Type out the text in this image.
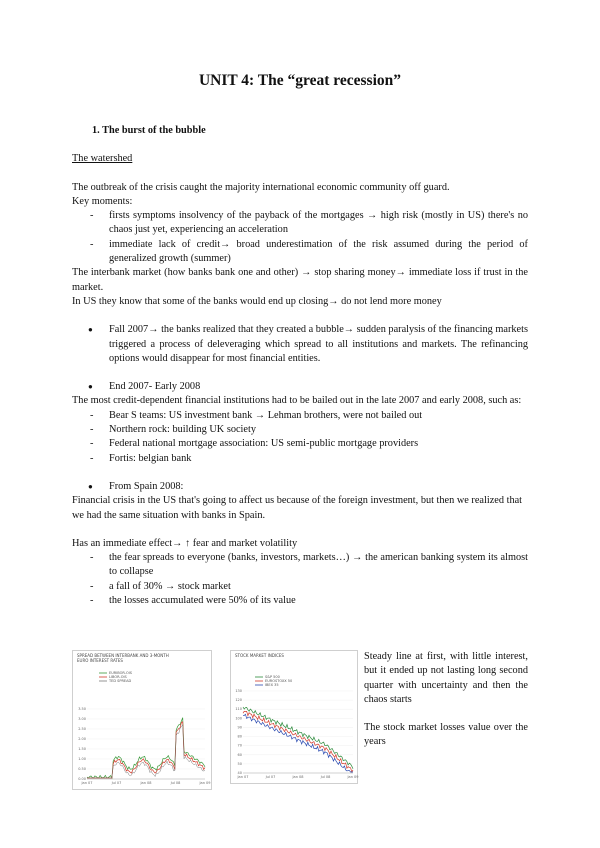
UNIT 4: The “great recession”

1. The burst of the bubble

The watershed

The outbreak of the crisis caught the majority international economic community off guard.

Key moments:

- firsts symptoms insolvency of the payback of the mortgages → high risk (mostly in US) there's no chaos just yet, experiencing an acceleration
- immediate lack of credit→ broad underestimation of the risk assumed during the period of generalized growth (summer)

The interbank market (how banks bank one and other) → stop sharing money→ immediate loss if trust in the market.

In US they know that some of the banks would end up closing→ do not lend more money

● Fall 2007→ the banks realized that they created a bubble→ sudden paralysis of the financing markets triggered a process of deleveraging which spread to all institutions and markets. The refinancing options would disappear for most financial entities.
● End 2007- Early 2008

The most credit-dependent financial institutions had to be bailed out in the late 2007 and early 2008, such as:

- Bear S teams: US investment bank → Lehman brothers, were not bailed out
- Northern rock: building UK society
- Federal national mortgage association: US semi-public mortgage providers
- Fortis: belgian bank
● From Spain 2008:

Financial crisis in the US that's going to affect us because of the foreign investment, but then we realized that we had the same situation with banks in Spain.

Has an immediate effect→ ↑ fear and market volatility

- the fear spreads to everyone (banks, investors, markets…) → the american banking system its almost to collapse
- a fall of 30% → stock market
- the losses accumulated were 50% of its value
SPREAD BETWEEN INTERBANK AND 3-MONTH
EURO INTEREST RATES
3.50
3.00
2.50
2.00
1.50
1.00
0.50
0.00
Jan 07	Jul 07	Jan 08	Jul 08	Jan 09
EURIBOR-OIS
LIBOR-OIS
TED SPREAD
STOCK MARKET INDICES
130
120
110
100
90
80
70
60
50
40
Jan 07	Jul 07	Jan 08	Jul 08	Jan 09
S&P 500
EUROSTOXX 50
IBEX 35

Steady line at first, with little interest, but it ended up not lasting long second quarter with uncertainty and then the chaos starts

The stock market losses value over the years
